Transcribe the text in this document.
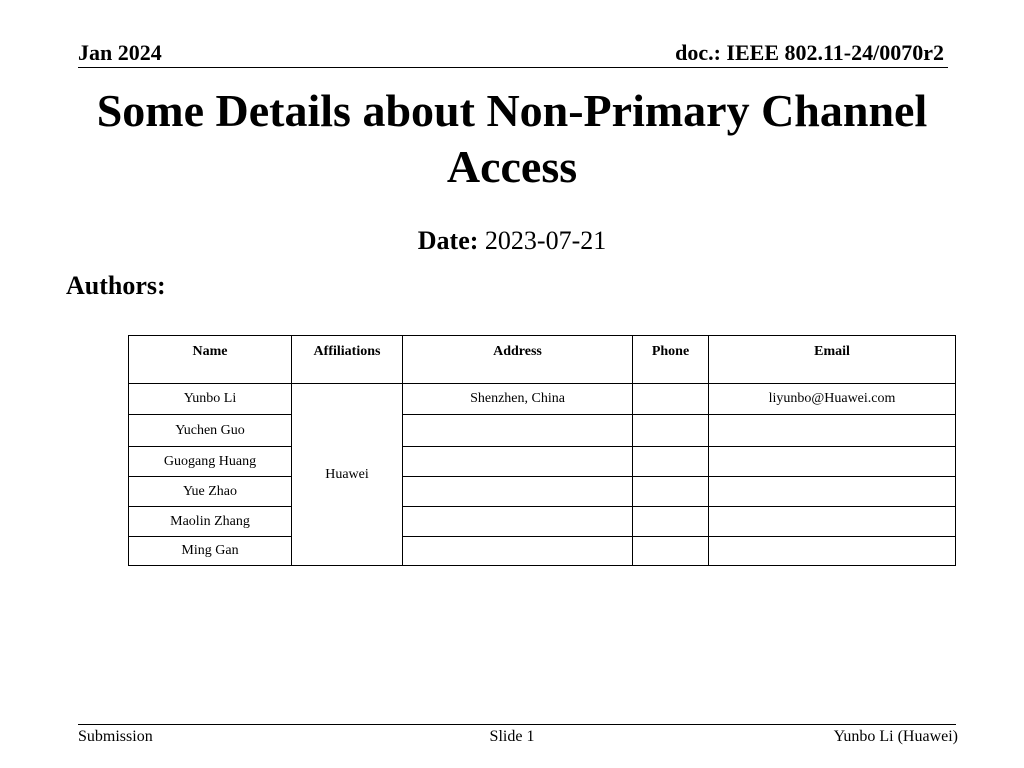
Jan 2024	doc.: IEEE 802.11-24/0070r2
Some Details about Non-Primary Channel Access
Date: 2023-07-21
Authors:
Name	Affiliations	Address	Phone	Email
Yunbo Li	Huawei	Shenzhen, China		liyunbo@Huawei.com
Yuchen Guo				
Guogang Huang				
Yue Zhao				
Maolin Zhang				
Ming Gan				
Submission	Slide 1	Yunbo Li (Huawei)
